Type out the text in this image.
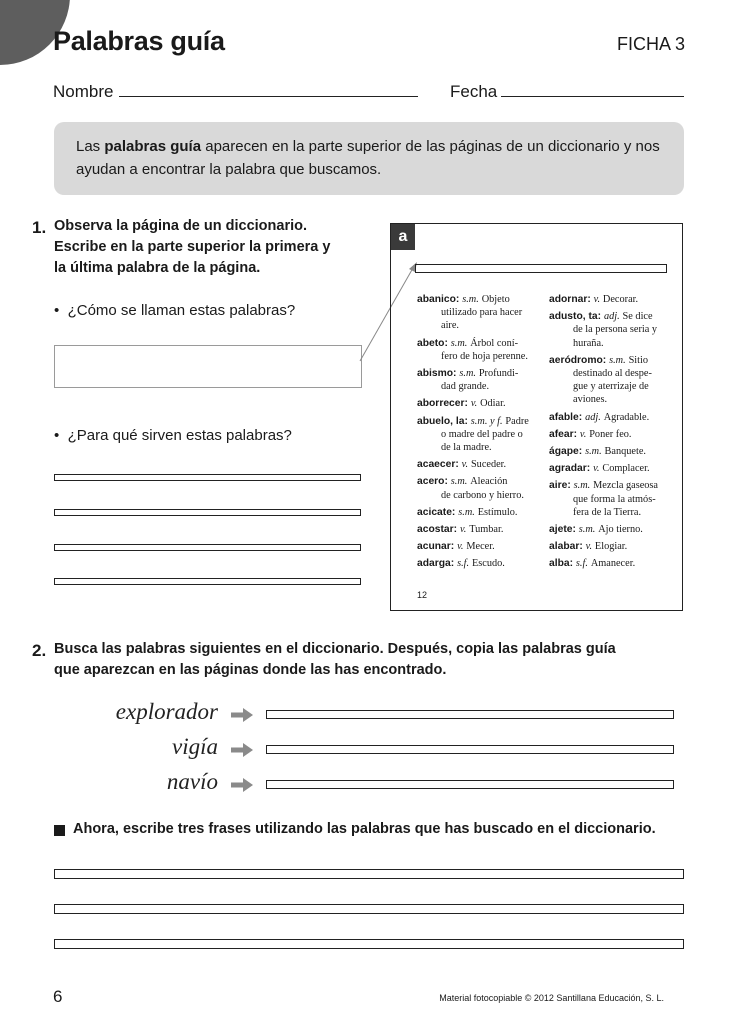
Palabras guía	FICHA 3
Nombre	Fecha
Las palabras guía aparecen en la parte superior de las páginas de un diccionario y nos ayudan a encontrar la palabra que buscamos.
1. Observa la página de un diccionario. Escribe en la parte superior la primera y la última palabra de la página.
•  ¿Cómo se llaman estas palabras?
•  ¿Para qué sirven estas palabras?
a
abanico: s.m. Objeto
utilizado para hacer
aire.
abeto: s.m. Árbol coní-
fero de hoja perenne.
abismo: s.m. Profundi-
dad grande.
aborrecer: v. Odiar.
abuelo, la: s.m. y f. Padre
o madre del padre o
de la madre.
acaecer: v. Suceder.
acero: s.m. Aleación
de carbono y hierro.
acicate: s.m. Estímulo.
acostar: v. Tumbar.
acunar: v. Mecer.
adarga: s.f. Escudo.
adornar: v. Decorar.
adusto, ta: adj. Se dice
de la persona seria y
huraña.
aeródromo: s.m. Sitio
destinado al despe-
gue y aterrizaje de
aviones.
afable: adj. Agradable.
afear: v. Poner feo.
ágape: s.m. Banquete.
agradar: v. Complacer.
aire: s.m. Mezcla gaseosa
que forma la atmós-
fera de la Tierra.
ajete: s.m. Ajo tierno.
alabar: v. Elogiar.
alba: s.f. Amanecer.
12
2. Busca las palabras siguientes en el diccionario. Después, copia las palabras guía que aparezcan en las páginas donde las has encontrado.
explorador
vigía
navío
Ahora, escribe tres frases utilizando las palabras que has buscado en el diccionario.
6	Material fotocopiable © 2012 Santillana Educación, S. L.
